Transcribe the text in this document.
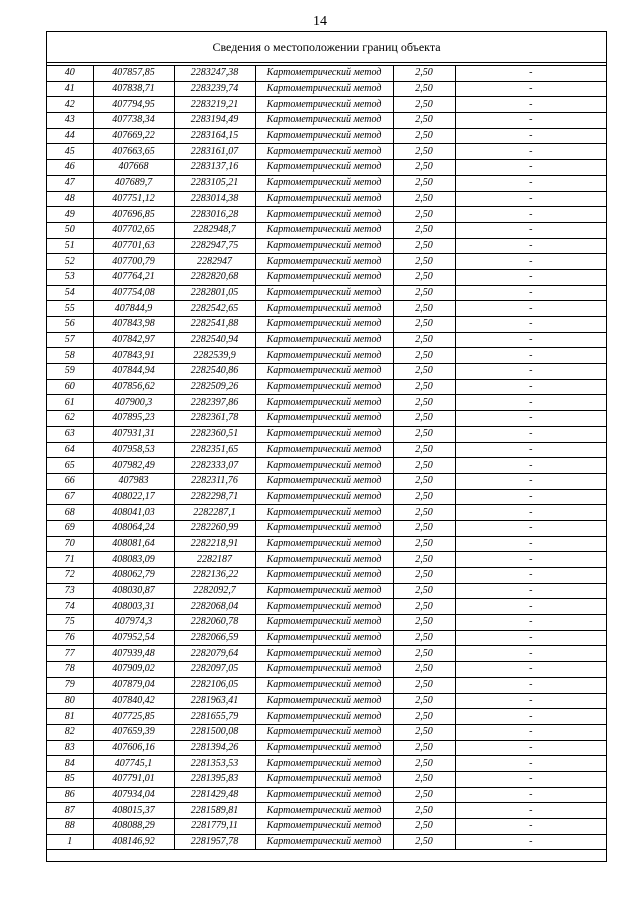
14
Сведения о местоположении границ объекта
40	407857,85	2283247,38	Картометрический метод	2,50	-
41	407838,71	2283239,74	Картометрический метод	2,50	-
42	407794,95	2283219,21	Картометрический метод	2,50	-
43	407738,34	2283194,49	Картометрический метод	2,50	-
44	407669,22	2283164,15	Картометрический метод	2,50	-
45	407663,65	2283161,07	Картометрический метод	2,50	-
46	407668	2283137,16	Картометрический метод	2,50	-
47	407689,7	2283105,21	Картометрический метод	2,50	-
48	407751,12	2283014,38	Картометрический метод	2,50	-
49	407696,85	2283016,28	Картометрический метод	2,50	-
50	407702,65	2282948,7	Картометрический метод	2,50	-
51	407701,63	2282947,75	Картометрический метод	2,50	-
52	407700,79	2282947	Картометрический метод	2,50	-
53	407764,21	2282820,68	Картометрический метод	2,50	-
54	407754,08	2282801,05	Картометрический метод	2,50	-
55	407844,9	2282542,65	Картометрический метод	2,50	-
56	407843,98	2282541,88	Картометрический метод	2,50	-
57	407842,97	2282540,94	Картометрический метод	2,50	-
58	407843,91	2282539,9	Картометрический метод	2,50	-
59	407844,94	2282540,86	Картометрический метод	2,50	-
60	407856,62	2282509,26	Картометрический метод	2,50	-
61	407900,3	2282397,86	Картометрический метод	2,50	-
62	407895,23	2282361,78	Картометрический метод	2,50	-
63	407931,31	2282360,51	Картометрический метод	2,50	-
64	407958,53	2282351,65	Картометрический метод	2,50	-
65	407982,49	2282333,07	Картометрический метод	2,50	-
66	407983	2282311,76	Картометрический метод	2,50	-
67	408022,17	2282298,71	Картометрический метод	2,50	-
68	408041,03	2282287,1	Картометрический метод	2,50	-
69	408064,24	2282260,99	Картометрический метод	2,50	-
70	408081,64	2282218,91	Картометрический метод	2,50	-
71	408083,09	2282187	Картометрический метод	2,50	-
72	408062,79	2282136,22	Картометрический метод	2,50	-
73	408030,87	2282092,7	Картометрический метод	2,50	-
74	408003,31	2282068,04	Картометрический метод	2,50	-
75	407974,3	2282060,78	Картометрический метод	2,50	-
76	407952,54	2282066,59	Картометрический метод	2,50	-
77	407939,48	2282079,64	Картометрический метод	2,50	-
78	407909,02	2282097,05	Картометрический метод	2,50	-
79	407879,04	2282106,05	Картометрический метод	2,50	-
80	407840,42	2281963,41	Картометрический метод	2,50	-
81	407725,85	2281655,79	Картометрический метод	2,50	-
82	407659,39	2281500,08	Картометрический метод	2,50	-
83	407606,16	2281394,26	Картометрический метод	2,50	-
84	407745,1	2281353,53	Картометрический метод	2,50	-
85	407791,01	2281395,83	Картометрический метод	2,50	-
86	407934,04	2281429,48	Картометрический метод	2,50	-
87	408015,37	2281589,81	Картометрический метод	2,50	-
88	408088,29	2281779,11	Картометрический метод	2,50	-
1	408146,92	2281957,78	Картометрический метод	2,50	-
